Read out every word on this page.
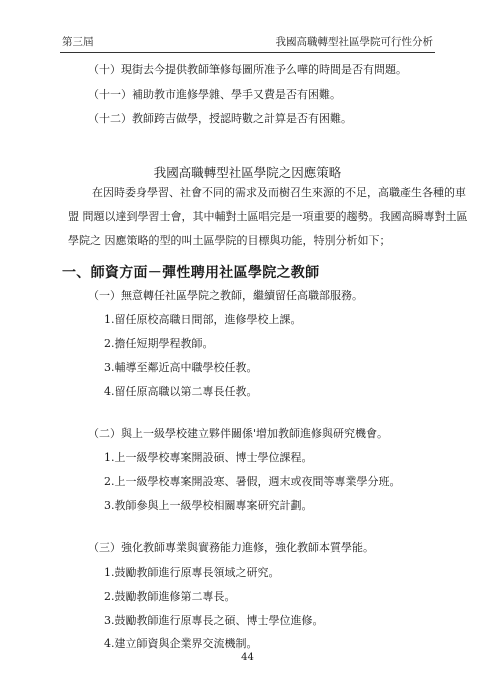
第三屆	我國高職轉型社區學院可行性分析
（十）現街去今提供教師筆修每圖所准予么嘩的時間是否有問題。
（十一）補助教市進修學雜、學手又費是否有困難。
（十二）教師跨吉做學，授認時數之計算是否有困難。
我國高職轉型社區學院之因應策略
在因時委身學習、社會不同的需求及而樹召生來源的不足，高職產生各種的車
盟 問題以達到學習士會，其中輔對土區唱完是一項重要的趨勢。我國高瞬專對土區
學院之 因應策略的型的叫土區學院的目標與功能，特別分析如下；
一、師資方面－彈性聘用社區學院之教師
（一）無意轉任社區學院之教師，繼續留任高職部服務。
1.留任原校高職日間部，進修學校上課。
2.擔任短期學程教師。
3.輔導至鄰近高中職學校任教。
4.留任原高職以第二專長任教。
（二）與上一級學校建立夥伴關係'增加教師進修與研究機會。
1.上一級學校專案開設碩、博士學位課程。
2.上一級學校專案開設寒、暑假，週末或夜間等專業學分班。
3.教師參與上一級學校相關專案研究計劃。
（三）強化教師專業與實務能力進修，強化教師本質學能。
1.鼓勵教師進行原專長領域之研究。
2.鼓勵教師進修第二專長。
3.鼓勵教師進行原專長之碩、博士學位進修。
4.建立師資與企業界交流機制。
44
